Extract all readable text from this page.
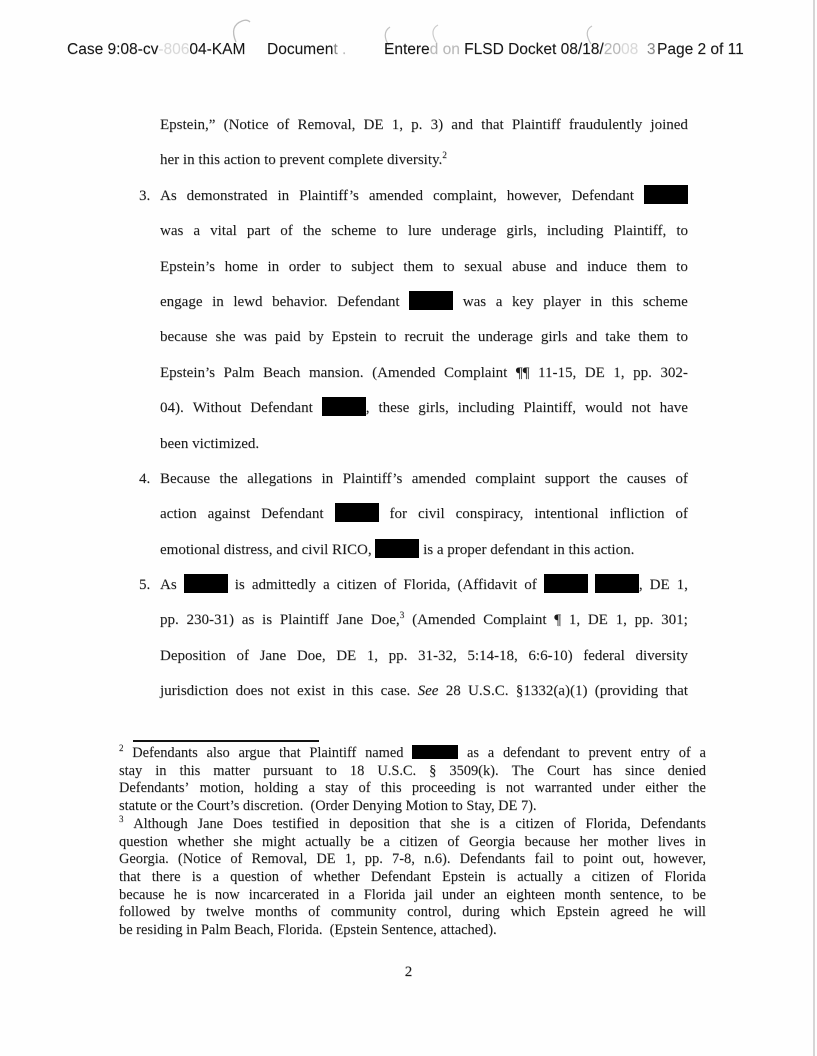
Case 9:08-cv-80604-KAM Document . Entered on FLSD Docket 08/18/2008  3 Page 2 of 11
Epstein,” (Notice of Removal, DE 1, p. 3) and that Plaintiff fraudulently joined
her in this action to prevent complete diversity.$^2$
3. As demonstrated in Plaintiff’s amended complaint, however, Defendant
was a vital part of the scheme to lure underage girls, including Plaintiff, to
Epstein’s home in order to subject them to sexual abuse and induce them to
engage in lewd behavior. Defendant	was a key player in this scheme
because she was paid by Epstein to recruit the underage girls and take them to
Epstein’s Palm Beach mansion. (Amended Complaint ¶¶ 11-15, DE 1, pp. 302-
04). Without Defendant	, these girls, including Plaintiff, would not have
been victimized.
4. Because the allegations in Plaintiff’s amended complaint support the causes of
action against Defendant	for civil conspiracy, intentional infliction of
emotional distress, and civil RICO,	is a proper defendant in this action.
5. As	is admittedly a citizen of Florida, (Affidavit of	, DE 1,
pp. 230-31) as is Plaintiff Jane Doe,$^3$ (Amended Complaint ¶ 1, DE 1, pp. 301;
Deposition of Jane Doe, DE 1, pp. 31-32, 5:14-18, 6:6-10) federal diversity
jurisdiction does not exist in this case. See 28 U.S.C. §1332(a)(1) (providing that
$^2$ Defendants also argue that Plaintiff named	as a defendant to prevent entry of a
stay in this matter pursuant to 18 U.S.C. § 3509(k). The Court has since denied
Defendants’ motion, holding a stay of this proceeding is not warranted under either the
statute or the Court’s discretion.  (Order Denying Motion to Stay, DE 7).
$^3$ Although Jane Does testified in deposition that she is a citizen of Florida, Defendants
question whether she might actually be a citizen of Georgia because her mother lives in
Georgia. (Notice of Removal, DE 1, pp. 7-8, n.6). Defendants fail to point out, however,
that there is a question of whether Defendant Epstein is actually a citizen of Florida
because he is now incarcerated in a Florida jail under an eighteen month sentence, to be
followed by twelve months of community control, during which Epstein agreed he will
be residing in Palm Beach, Florida.  (Epstein Sentence, attached).
2
